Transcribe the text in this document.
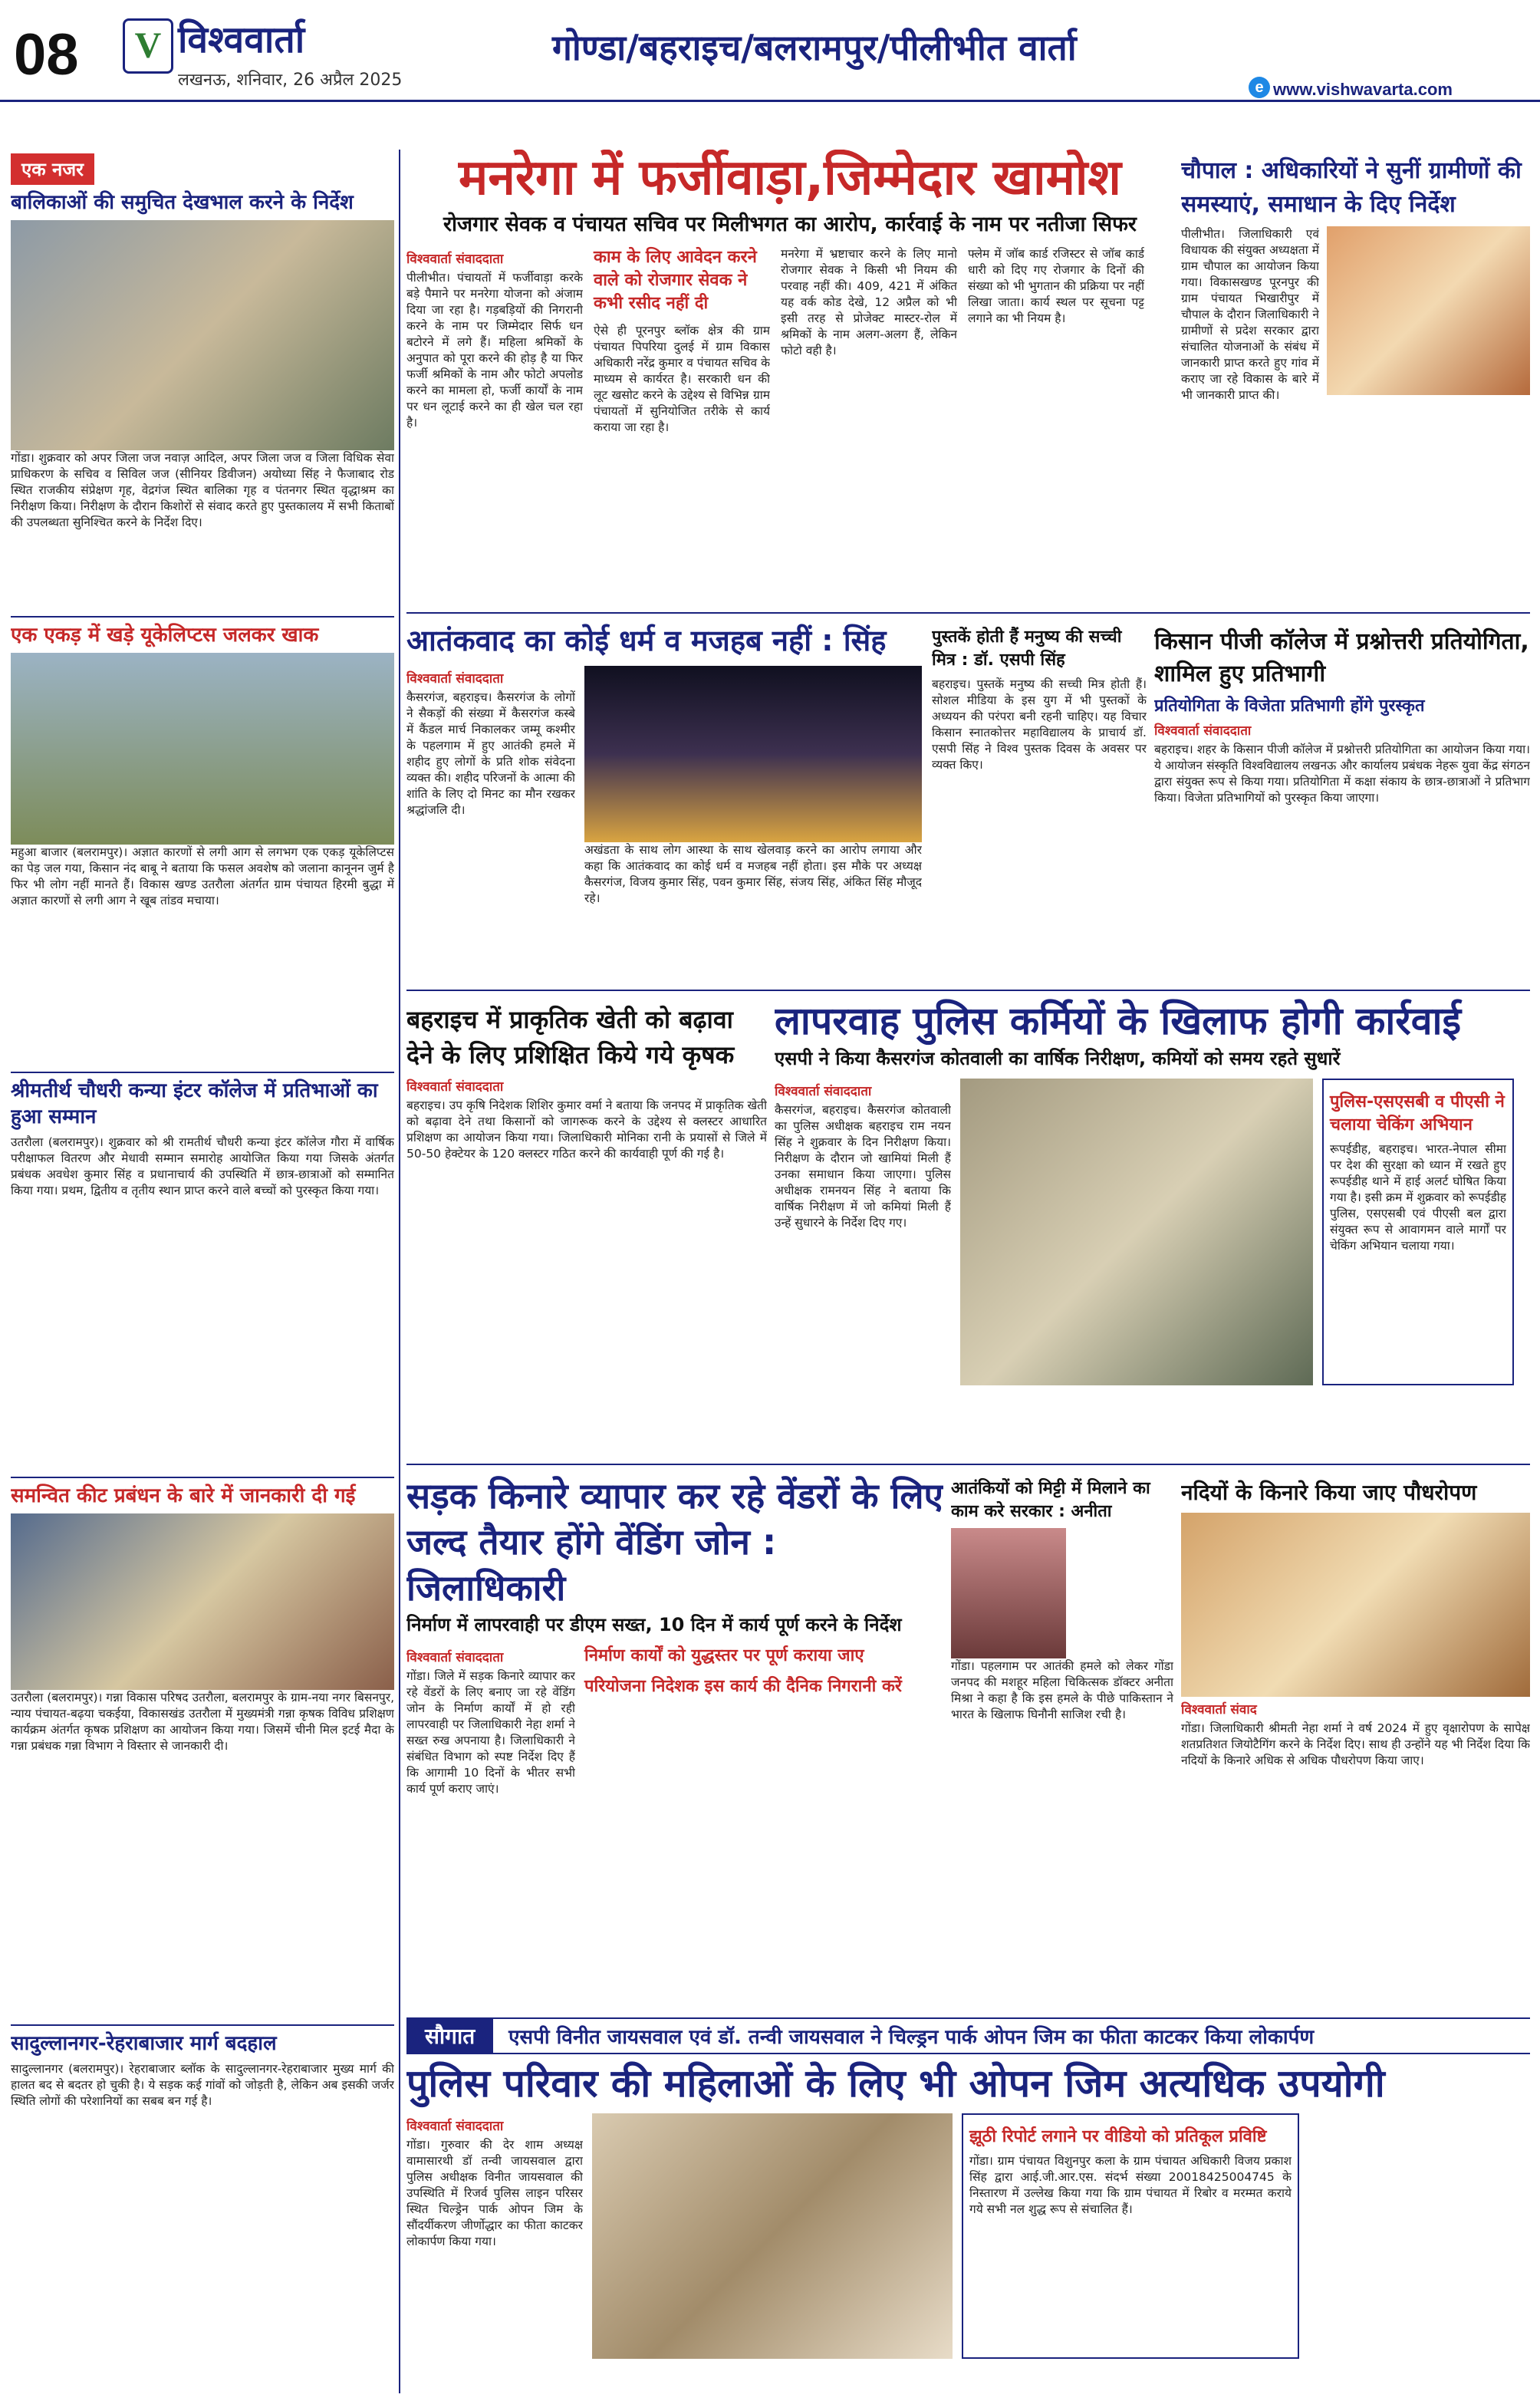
08	V विश्ववार्ता
लखनऊ, शनिवार, 26 अप्रैल 2025
गोण्डा/बहराइच/बलरामपुर/पीलीभीत वार्ता
e www.vishwavarta.com
एक नजर
बालिकाओं की समुचित देखभाल करने के निर्देश
गोंडा। शुक्रवार को अपर जिला जज नवाज़ आदिल, अपर जिला जज व जिला विधिक सेवा प्राधिकरण के सचिव व सिविल जज (सीनियर डिवीजन) अयोध्या सिंह ने फैजाबाद रोड स्थित राजकीय संप्रेक्षण गृह, वेद्रगंज स्थित बालिका गृह व पंतनगर स्थित वृद्धाश्रम का निरीक्षण किया। निरीक्षण के दौरान किशोरों से संवाद करते हुए पुस्तकालय में सभी किताबों की उपलब्धता सुनिश्चित करने के निर्देश दिए।
एक एकड़ में खड़े यूकेलिप्टस जलकर खाक
महुआ बाजार (बलरामपुर)। अज्ञात कारणों से लगी आग से लगभग एक एकड़ यूकेलिप्टस का पेड़ जल गया, किसान नंद बाबू ने बताया कि फसल अवशेष को जलाना कानूनन जुर्म है फिर भी लोग नहीं मानते हैं। विकास खण्ड उतरौला अंतर्गत ग्राम पंचायत हिरमी बुद्धा में अज्ञात कारणों से लगी आग ने खूब तांडव मचाया।
श्रीमतीर्थ चौधरी कन्या इंटर कॉलेज में प्रतिभाओं का हुआ सम्मान
उतरौला (बलरामपुर)। शुक्रवार को श्री रामतीर्थ चौधरी कन्या इंटर कॉलेज गौरा में वार्षिक परीक्षाफल वितरण और मेधावी सम्मान समारोह आयोजित किया गया जिसके अंतर्गत प्रबंधक अवधेश कुमार सिंह व प्रधानाचार्य की उपस्थिति में छात्र-छात्राओं को सम्मानित किया गया। प्रथम, द्वितीय व तृतीय स्थान प्राप्त करने वाले बच्चों को पुरस्कृत किया गया।
समन्वित कीट प्रबंधन के बारे में जानकारी दी गई
उतरौला (बलरामपुर)। गन्ना विकास परिषद उतरौला, बलरामपुर के ग्राम-नया नगर बिसनपुर, न्याय पंचायत-बढ़या चकईया, विकासखंड उतरौला में मुख्यमंत्री गन्ना कृषक विविध प्रशिक्षण कार्यक्रम अंतर्गत कृषक प्रशिक्षण का आयोजन किया गया। जिसमें चीनी मिल इटई मैदा के गन्ना प्रबंधक गन्ना विभाग ने विस्तार से जानकारी दी।
सादुल्लानगर-रेहराबाजार मार्ग बदहाल
सादुल्लानगर (बलरामपुर)। रेहराबाजार ब्लॉक के सादुल्लानगर-रेहराबाजार मुख्य मार्ग की हालत बद से बदतर हो चुकी है। ये सड़क कई गांवों को जोड़ती है, लेकिन अब इसकी जर्जर स्थिति लोगों की परेशानियों का सबब बन गई है।
मनरेगा में फर्जीवाड़ा,जिम्मेदार खामोश
रोजगार सेवक व पंचायत सचिव पर मिलीभगत का आरोप, कार्रवाई के नाम पर नतीजा सिफर
विश्ववार्ता संवाददाता
पीलीभीत। पंचायतों में फर्जीवाड़ा करके बड़े पैमाने पर मनरेगा योजना को अंजाम दिया जा रहा है। गड़बड़ियों की निगरानी करने के नाम पर जिम्मेदार सिर्फ धन बटोरने में लगे हैं। महिला श्रमिकों के अनुपात को पूरा करने की होड़ है या फिर फर्जी श्रमिकों के नाम और फोटो अपलोड करने का मामला हो, फर्जी कार्यों के नाम पर धन लूटाई करने का ही खेल चल रहा है।
काम के लिए आवेदन करने वाले को रोजगार सेवक ने कभी रसीद नहीं दी
ऐसे ही पूरनपुर ब्लॉक क्षेत्र की ग्राम पंचायत पिपरिया दुलई में ग्राम विकास अधिकारी नरेंद्र कुमार व पंचायत सचिव के माध्यम से कार्यरत है। सरकारी धन की लूट खसोट करने के उद्देश्य से विभिन्न ग्राम पंचायतों में सुनियोजित तरीके से कार्य कराया जा रहा है।
मनरेगा में भ्रष्टाचार करने के लिए मानो रोजगार सेवक ने किसी भी नियम की परवाह नहीं की। 409, 421 में अंकित यह वर्क कोड देखे, 12 अप्रैल को भी इसी तरह से प्रोजेक्ट मास्टर-रोल में श्रमिकों के नाम अलग-अलग हैं, लेकिन फोटो वही है।
फ्लेम में जॉब कार्ड रजिस्टर से जॉब कार्ड धारी को दिए गए रोजगार के दिनों की संख्या को भी भुगतान की प्रक्रिया पर नहीं लिखा जाता। कार्य स्थल पर सूचना पट्ट लगाने का भी नियम है।
चौपाल : अधिकारियों ने सुनीं ग्रामीणों की समस्याएं, समाधान के दिए निर्देश
पीलीभीत। जिलाधिकारी एवं विधायक की संयुक्त अध्यक्षता में ग्राम चौपाल का आयोजन किया गया। विकासखण्ड पूरनपुर की ग्राम पंचायत भिखारीपुर में चौपाल के दौरान जिलाधिकारी ने ग्रामीणों से प्रदेश सरकार द्वारा संचालित योजनाओं के संबंध में जानकारी प्राप्त करते हुए गांव में कराए जा रहे विकास के बारे में भी जानकारी प्राप्त की।
आतंकवाद का कोई धर्म व मजहब नहीं : सिंह
विश्ववार्ता संवाददाता
कैसरगंज, बहराइच। कैसरगंज के लोगों ने सैकड़ों की संख्या में कैसरगंज कस्बे में कैंडल मार्च निकालकर जम्मू कश्मीर के पहलगाम में हुए आतंकी हमले में शहीद हुए लोगों के प्रति शोक संवेदना व्यक्त की। शहीद परिजनों के आत्मा की शांति के लिए दो मिनट का मौन रखकर श्रद्धांजलि दी।
अखंडता के साथ लोग आस्था के साथ खेलवाड़ करने का आरोप लगाया और कहा कि आतंकवाद का कोई धर्म व मजहब नहीं होता। इस मौके पर अध्यक्ष कैसरगंज, विजय कुमार सिंह, पवन कुमार सिंह, संजय सिंह, अंकित सिंह मौजूद रहे।
पुस्तकें होती हैं मनुष्य की सच्ची मित्र : डॉ. एसपी सिंह
बहराइच। पुस्तकें मनुष्य की सच्ची मित्र होती हैं। सोशल मीडिया के इस युग में भी पुस्तकों के अध्ययन की परंपरा बनी रहनी चाहिए। यह विचार किसान स्नातकोत्तर महाविद्यालय के प्राचार्य डॉ. एसपी सिंह ने विश्व पुस्तक दिवस के अवसर पर व्यक्त किए।
किसान पीजी कॉलेज में प्रश्नोत्तरी प्रतियोगिता, शामिल हुए प्रतिभागी
प्रतियोगिता के विजेता प्रतिभागी होंगे पुरस्कृत
विश्ववार्ता संवाददाता
बहराइच। शहर के किसान पीजी कॉलेज में प्रश्नोत्तरी प्रतियोगिता का आयोजन किया गया। ये आयोजन संस्कृति विश्वविद्यालय लखनऊ और कार्यालय प्रबंधक नेहरू युवा केंद्र संगठन द्वारा संयुक्त रूप से किया गया। प्रतियोगिता में कक्षा संकाय के छात्र-छात्राओं ने प्रतिभाग किया। विजेता प्रतिभागियों को पुरस्कृत किया जाएगा।
बहराइच में प्राकृतिक खेती को बढ़ावा देने के लिए प्रशिक्षित किये गये कृषक
विश्ववार्ता संवाददाता
बहराइच। उप कृषि निदेशक शिशिर कुमार वर्मा ने बताया कि जनपद में प्राकृतिक खेती को बढ़ावा देने तथा किसानों को जागरूक करने के उद्देश्य से क्लस्टर आधारित प्रशिक्षण का आयोजन किया गया। जिलाधिकारी मोनिका रानी के प्रयासों से जिले में 50-50 हेक्टेयर के 120 क्लस्टर गठित करने की कार्यवाही पूर्ण की गई है।
लापरवाह पुलिस कर्मियों के खिलाफ होगी कार्रवाई
एसपी ने किया कैसरगंज कोतवाली का वार्षिक निरीक्षण, कमियों को समय रहते सुधारें
विश्ववार्ता संवाददाता
कैसरगंज, बहराइच। कैसरगंज कोतवाली का पुलिस अधीक्षक बहराइच राम नयन सिंह ने शुक्रवार के दिन निरीक्षण किया। निरीक्षण के दौरान जो खामियां मिली हैं उनका समाधान किया जाएगा। पुलिस अधीक्षक रामनयन सिंह ने बताया कि वार्षिक निरीक्षण में जो कमियां मिली हैं उन्हें सुधारने के निर्देश दिए गए।
पुलिस-एसएसबी व पीएसी ने चलाया चेकिंग अभियान
रूपईडीह, बहराइच। भारत-नेपाल सीमा पर देश की सुरक्षा को ध्यान में रखते हुए रूपईडीह थाने में हाई अलर्ट घोषित किया गया है। इसी क्रम में शुक्रवार को रूपईडीह पुलिस, एसएसबी एवं पीएसी बल द्वारा संयुक्त रूप से आवागमन वाले मार्गों पर चेकिंग अभियान चलाया गया।
सड़क किनारे व्यापार कर रहे वेंडरों के लिए जल्द तैयार होंगे वेंडिंग जोन : जिलाधिकारी
निर्माण में लापरवाही पर डीएम सख्त, 10 दिन में कार्य पूर्ण करने के निर्देश
विश्ववार्ता संवाददाता
गोंडा। जिले में सड़क किनारे व्यापार कर रहे वेंडरों के लिए बनाए जा रहे वेंडिंग जोन के निर्माण कार्यों में हो रही लापरवाही पर जिलाधिकारी नेहा शर्मा ने सख्त रुख अपनाया है। जिलाधिकारी ने संबंधित विभाग को स्पष्ट निर्देश दिए हैं कि आगामी 10 दिनों के भीतर सभी कार्य पूर्ण कराए जाएं।
निर्माण कार्यों को युद्धस्तर पर पूर्ण कराया जाए
परियोजना निदेशक इस कार्य की दैनिक निगरानी करें
आतंकियों को मिट्टी में मिलाने का काम करे सरकार : अनीता
गोंडा। पहलगाम पर आतंकी हमले को लेकर गोंडा जनपद की मशहूर महिला चिकित्सक डॉक्टर अनीता मिश्रा ने कहा है कि इस हमले के पीछे पाकिस्तान ने भारत के खिलाफ घिनौनी साजिश रची है।
नदियों के किनारे किया जाए पौधरोपण
विश्ववार्ता संवाद
गोंडा। जिलाधिकारी श्रीमती नेहा शर्मा ने वर्ष 2024 में हुए वृक्षारोपण के सापेक्ष शतप्रतिशत जियोटैगिंग करने के निर्देश दिए। साथ ही उन्होंने यह भी निर्देश दिया कि नदियों के किनारे अधिक से अधिक पौधरोपण किया जाए।
सौगात	एसपी विनीत जायसवाल एवं डॉ. तन्वी जायसवाल ने चिल्ड्रन पार्क ओपन जिम का फीता काटकर किया लोकार्पण
पुलिस परिवार की महिलाओं के लिए भी ओपन जिम अत्यधिक उपयोगी
विश्ववार्ता संवाददाता
गोंडा। गुरुवार की देर शाम अध्यक्ष वामासारथी डॉ तन्वी जायसवाल द्वारा पुलिस अधीक्षक विनीत जायसवाल की उपस्थिति में रिजर्व पुलिस लाइन परिसर स्थित चिल्ड्रेन पार्क ओपन जिम के सौंदर्यीकरण जीर्णोद्धार का फीता काटकर लोकार्पण किया गया।
झूठी रिपोर्ट लगाने पर वीडियो को प्रतिकूल प्रविष्टि
गोंडा। ग्राम पंचायत विशुनपुर कला के ग्राम पंचायत अधिकारी विजय प्रकाश सिंह द्वारा आई.जी.आर.एस. संदर्भ संख्या 20018425004745 के निस्तारण में उल्लेख किया गया कि ग्राम पंचायत में रिबोर व मरम्मत कराये गये सभी नल शुद्ध रूप से संचालित हैं।
